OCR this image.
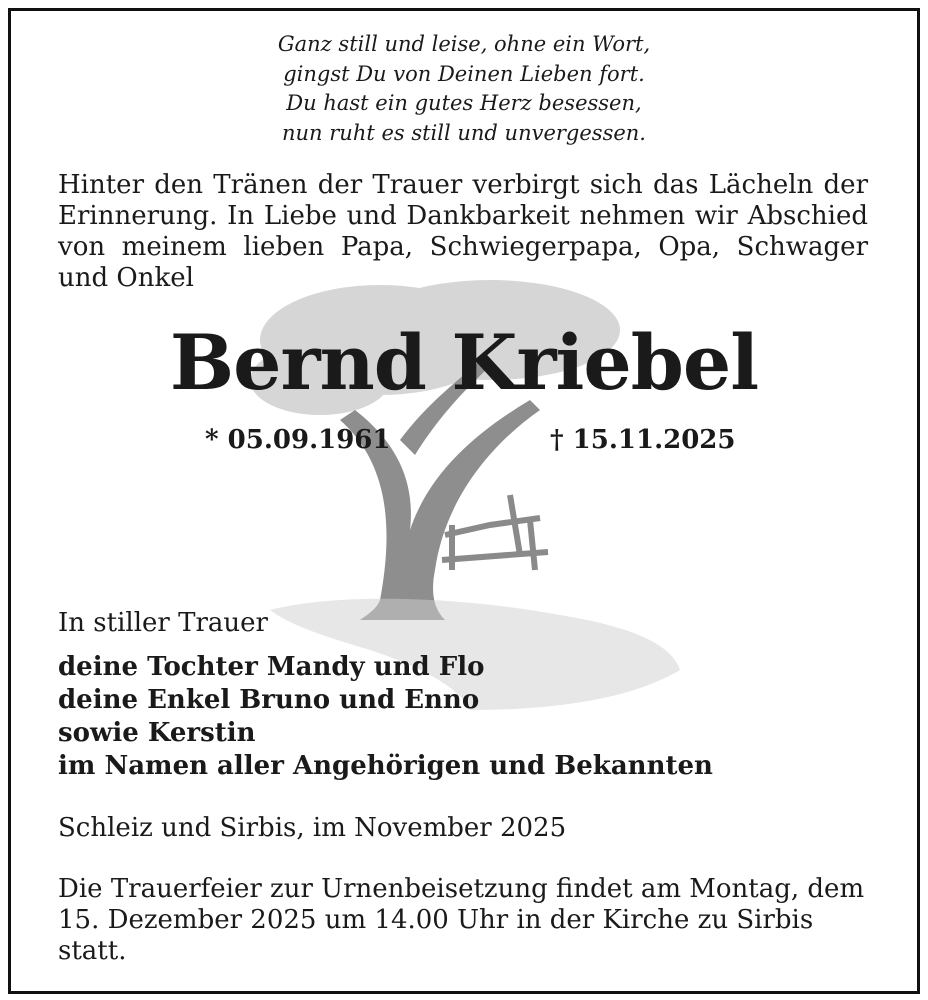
Ganz still und leise, ohne ein Wort,
gingst Du von Deinen Lieben fort.
Du hast ein gutes Herz besessen,
nun ruht es still und unvergessen.
Hinter den Tränen der Trauer verbirgt sich das Lächeln der Erinnerung. In Liebe und Dankbarkeit nehmen wir Abschied von meinem lieben Papa, Schwiegerpapa, Opa, Schwager und Onkel
Bernd Kriebel
* 05.09.1961	† 15.11.2025
In stiller Trauer
deine Tochter Mandy und Flo
deine Enkel Bruno und Enno
sowie Kerstin
im Namen aller Angehörigen und Bekannten
Schleiz und Sirbis, im November 2025
Die Trauerfeier zur Urnenbeisetzung findet am Montag, dem 15. Dezember 2025 um 14.00 Uhr in der Kirche zu Sirbis statt.
